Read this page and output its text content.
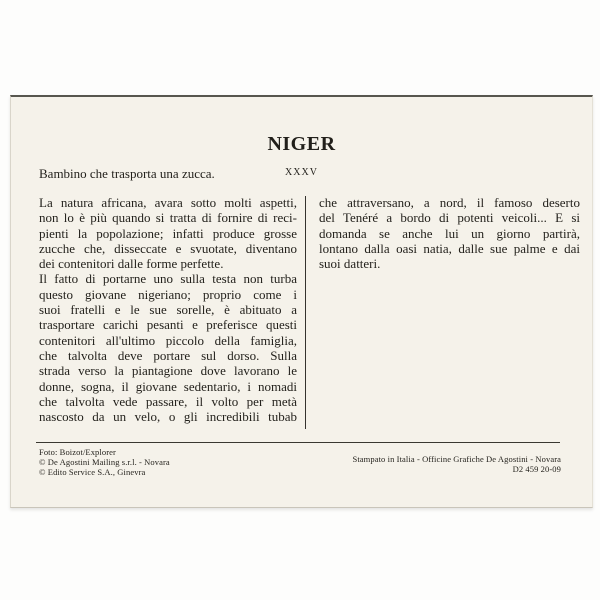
NIGER
Bambino che trasporta una zucca.	XXXV
La natura africana, avara sotto molti aspetti,
non lo è più quando si tratta di fornire di reci-
pienti la popolazione; infatti produce grosse
zucche che, disseccate e svuotate, diventano
dei contenitori dalle forme perfette.
Il fatto di portarne uno sulla testa non turba
questo giovane nigeriano; proprio come i
suoi fratelli e le sue sorelle, è abituato a
trasportare carichi pesanti e preferisce questi
contenitori all'ultimo piccolo della famiglia,
che talvolta deve portare sul dorso. Sulla
strada verso la piantagione dove lavorano le
donne, sogna, il giovane sedentario, i nomadi
che talvolta vede passare, il volto per metà
nascosto da un velo, o gli incredibili tubab
che attraversano, a nord, il famoso deserto
del Tenéré a bordo di potenti veicoli... E si
domanda se anche lui un giorno partirà,
lontano dalla oasi natia, dalle sue palme e dai
suoi datteri.
Foto: Boizot/Explorer
© De Agostini Mailing s.r.l. - Novara
© Edito Service S.A., Ginevra
Stampato in Italia - Officine Grafiche De Agostini - Novara
D2 459 20-09
